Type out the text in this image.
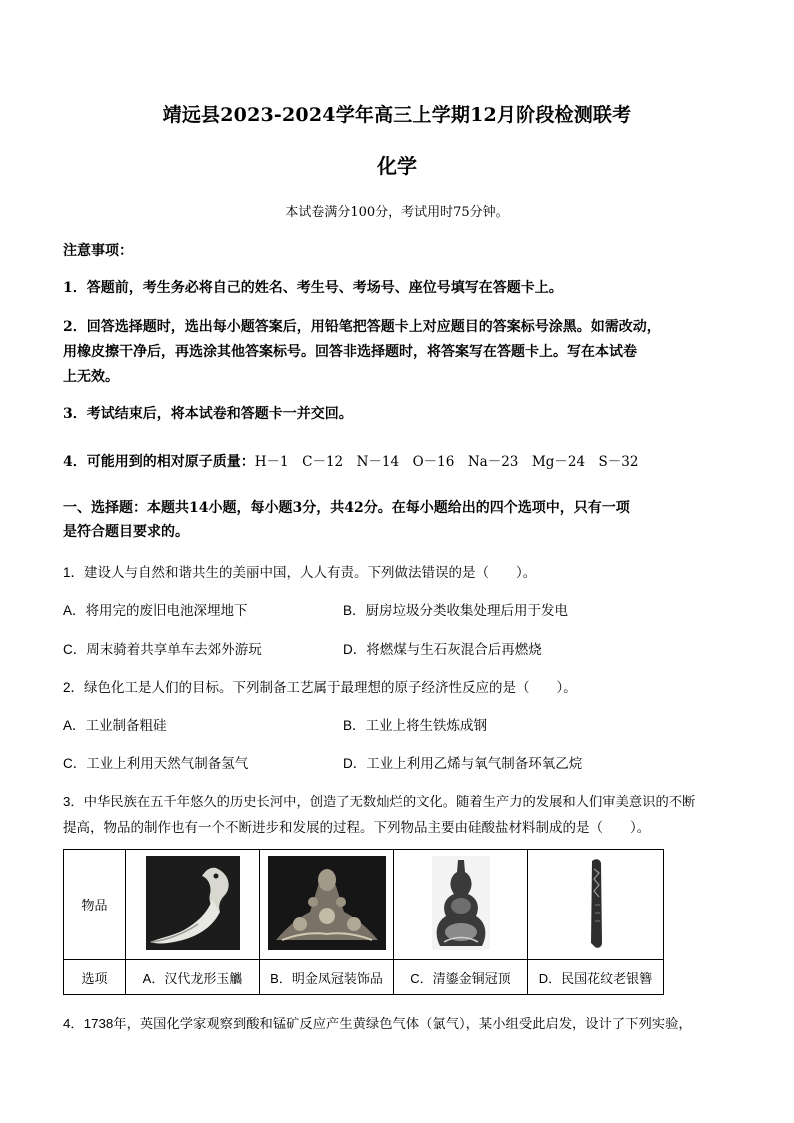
靖远县2023-2024学年高三上学期12月阶段检测联考
化学
本试卷满分100分，考试用时75分钟。
注意事项：
1．答题前，考生务必将自己的姓名、考生号、考场号、座位号填写在答题卡上。
2．回答选择题时，选出每小题答案后，用铅笔把答题卡上对应题目的答案标号涂黑。如需改动，
用橡皮擦干净后，再选涂其他答案标号。回答非选择题时，将答案写在答题卡上。写在本试卷
上无效。
3．考试结束后，将本试卷和答题卡一并交回。
4．可能用到的相对原子质量：H－1　C－12　N－14　O－16　Na－23　Mg－24　S－32
一、选择题：本题共14小题，每小题3分，共42分。在每小题给出的四个选项中，只有一项
是符合题目要求的。
1．建设人与自然和谐共生的美丽中国，人人有责。下列做法错误的是（　　）。
A．将用完的废旧电池深埋地下	B．厨房垃圾分类收集处理后用于发电
C．周末骑着共享单车去郊外游玩	D．将燃煤与生石灰混合后再燃烧
2．绿色化工是人们的目标。下列制备工艺属于最理想的原子经济性反应的是（　　）。
A．工业制备粗硅	B．工业上将生铁炼成钢
C．工业上利用天然气制备氢气	D．工业上利用乙烯与氧气制备环氧乙烷
3．中华民族在五千年悠久的历史长河中，创造了无数灿烂的文化。随着生产力的发展和人们审美意识的不断
提高，物品的制作也有一个不断进步和发展的过程。下列物品主要由硅酸盐材料制成的是（　　）。
物品				
选项	A．汉代龙形玉觿	B．明金凤冠装饰品	C．清鎏金铜冠顶	D．民国花纹老银簪
4．1738年，英国化学家观察到酸和锰矿反应产生黄绿色气体（氯气），某小组受此启发，设计了下列实验，
